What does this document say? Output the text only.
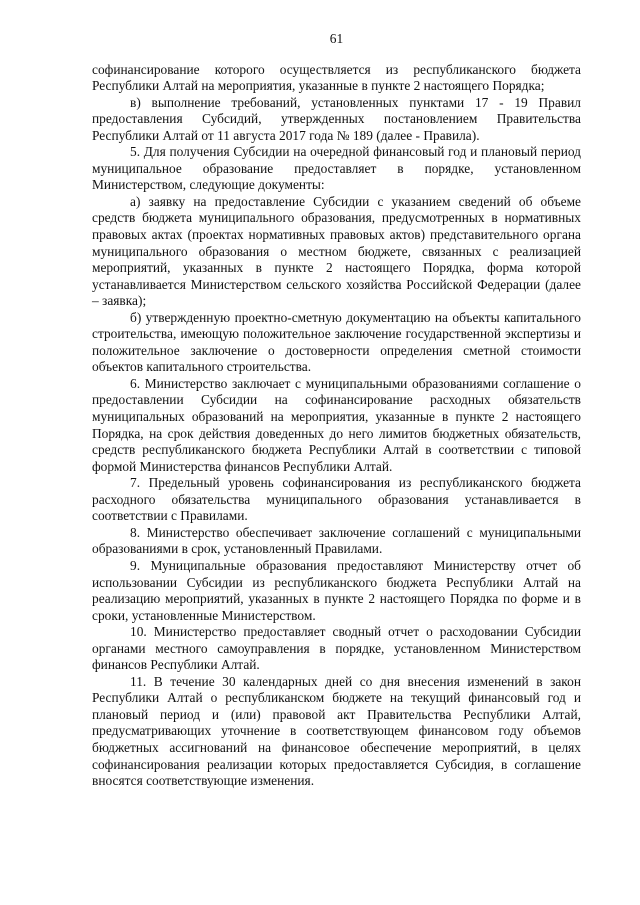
61

софинансирование которого осуществляется из республиканского бюджета Республики Алтай на мероприятия, указанные в пункте 2 настоящего Порядка;

в) выполнение требований, установленных пунктами 17 - 19 Правил предоставления Субсидий, утвержденных постановлением Правительства Республики Алтай от 11 августа 2017 года № 189 (далее - Правила).

5. Для получения Субсидии на очередной финансовый год и плановый период муниципальное образование предоставляет в порядке, установленном Министерством, следующие документы:

а) заявку на предоставление Субсидии с указанием сведений об объеме средств бюджета муниципального образования, предусмотренных в нормативных правовых актах (проектах нормативных правовых актов) представительного органа муниципального образования о местном бюджете, связанных с реализацией мероприятий, указанных в пункте 2 настоящего Порядка, форма которой устанавливается Министерством сельского хозяйства Российской Федерации (далее – заявка);

б) утвержденную проектно-сметную документацию на объекты капитального строительства, имеющую положительное заключение государственной экспертизы и положительное заключение о достоверности определения сметной стоимости объектов капитального строительства.

6. Министерство заключает с муниципальными образованиями соглашение о предоставлении Субсидии на софинансирование расходных обязательств муниципальных образований на мероприятия, указанные в пункте 2 настоящего Порядка, на срок действия доведенных до него лимитов бюджетных обязательств, средств республиканского бюджета Республики Алтай в соответствии с типовой формой Министерства финансов Республики Алтай.

7. Предельный уровень софинансирования из республиканского бюджета расходного обязательства муниципального образования устанавливается в соответствии с Правилами.

8. Министерство обеспечивает заключение соглашений с муниципальными образованиями в срок, установленный Правилами.

9. Муниципальные образования предоставляют Министерству отчет об использовании Субсидии из республиканского бюджета Республики Алтай на реализацию мероприятий, указанных в пункте 2 настоящего Порядка по форме и в сроки, установленные Министерством.

10. Министерство предоставляет сводный отчет о расходовании Субсидии органами местного самоуправления в порядке, установленном Министерством финансов Республики Алтай.

11. В течение 30 календарных дней со дня внесения изменений в закон Республики Алтай о республиканском бюджете на текущий финансовый год и плановый период и (или) правовой акт Правительства Республики Алтай, предусматривающих уточнение в соответствующем финансовом году объемов бюджетных ассигнований на финансовое обеспечение мероприятий, в целях софинансирования реализации которых предоставляется Субсидия, в соглашение вносятся соответствующие изменения.
